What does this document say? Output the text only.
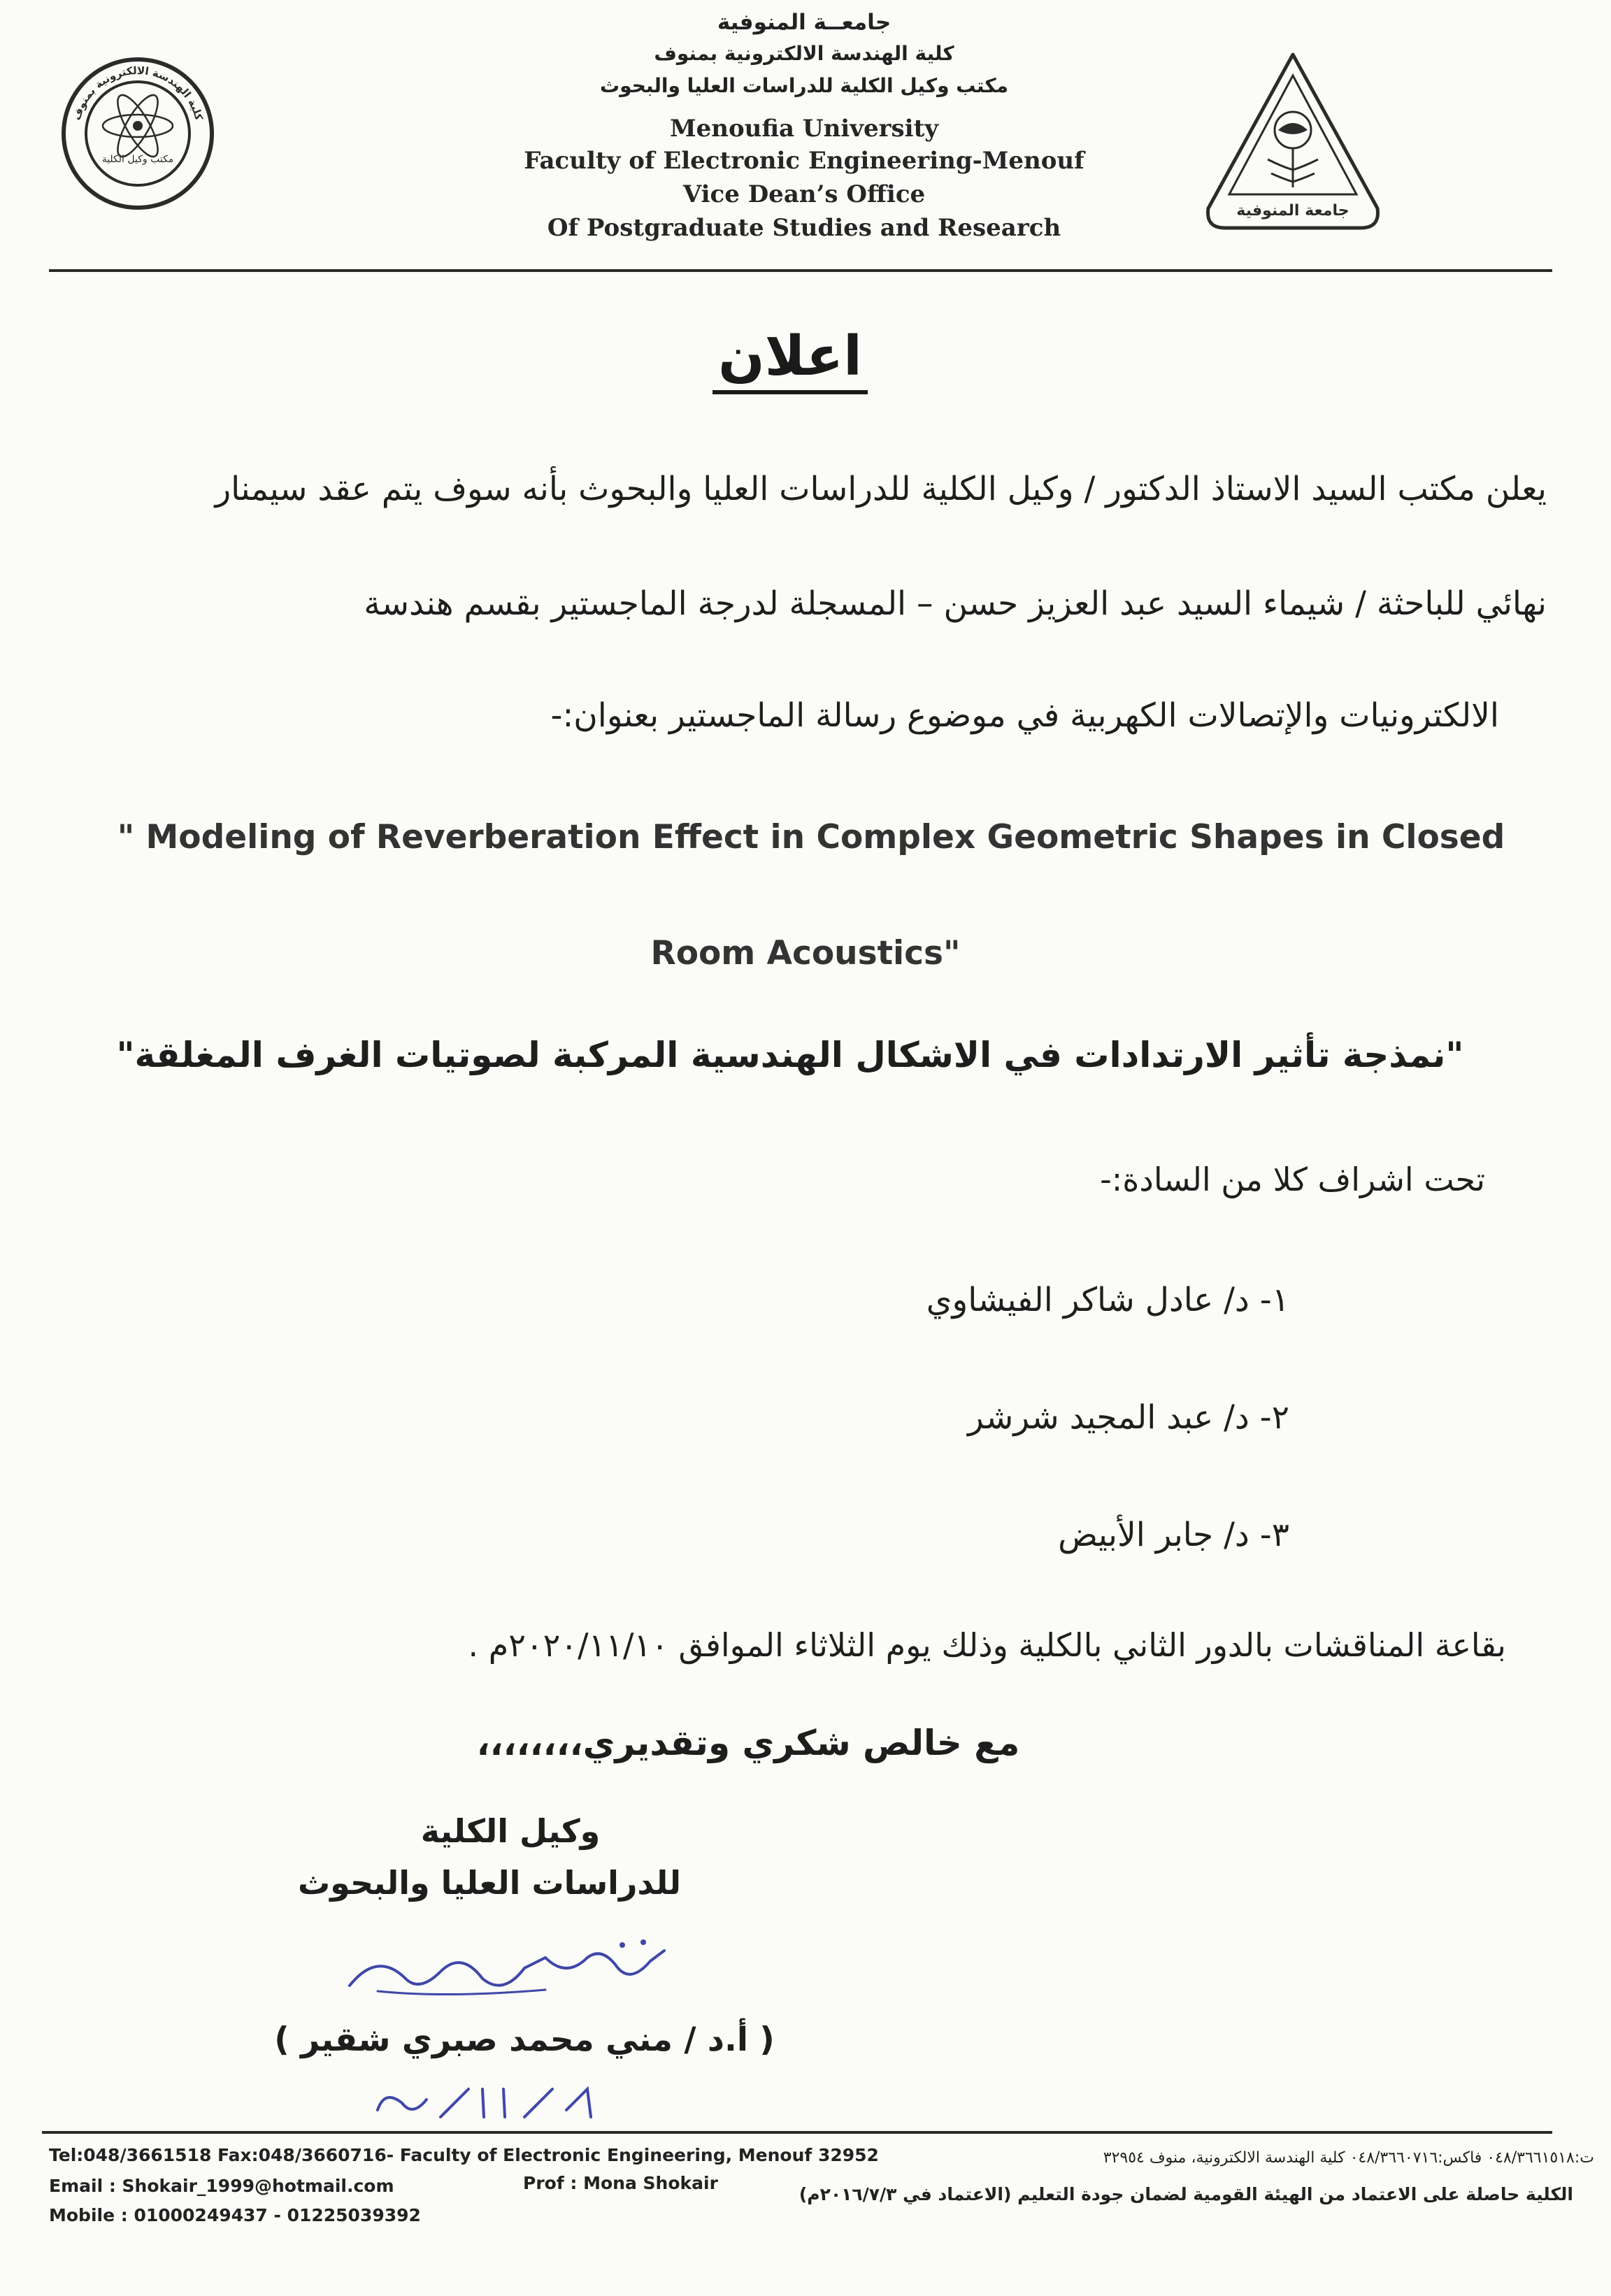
كلية الهندسة الالكترونية بمنوف
مكتب وكيل الكلية
جامعــة المنوفية
كلية الهندسة الالكترونية بمنوف
مكتب وكيل الكلية للدراسات العليا والبحوث
Menoufia University
Faculty of Electronic Engineering-Menouf
Vice Dean’s Office
Of Postgraduate Studies and Research
جامعة المنوفية
اعلان
يعلن مكتب السيد الاستاذ الدكتور / وكيل الكلية للدراسات العليا والبحوث بأنه سوف يتم عقد سيمنار
نهائي للباحثة / شيماء السيد عبد العزيز حسن – المسجلة لدرجة الماجستير بقسم هندسة
الالكترونيات والإتصالات الكهربية في موضوع رسالة الماجستير بعنوان:-
" Modeling of Reverberation Effect in Complex Geometric Shapes in Closed
Room Acoustics"
"نمذجة تأثير الارتدادات في الاشكال الهندسية المركبة لصوتيات الغرف المغلقة"
تحت اشراف كلا من السادة:-
١- د/ عادل شاكر الفيشاوي
٢- د/ عبد المجيد شرشر
٣- د/ جابر الأبيض
بقاعة المناقشات بالدور الثاني بالكلية وذلك يوم الثلاثاء الموافق ٢٠٢٠/١١/١٠م .
مع خالص شكري وتقديري،،،،،،،،
وكيل الكلية
للدراسات العليا والبحوث
( أ.د / مني محمد صبري شقير )
Tel:048/3661518 Fax:048/3660716- Faculty of Electronic Engineering, Menouf 32952
Email : Shokair_1999@hotmail.com	Prof : Mona Shokair
Mobile : 01000249437 - 01225039392
ت:٠٤٨/٣٦٦١٥١٨ فاكس:٠٤٨/٣٦٦٠٧١٦ كلية الهندسة الالكترونية، منوف ٣٢٩٥٤
الكلية حاصلة على الاعتماد من الهيئة القومية لضمان جودة التعليم (الاعتماد في ٢٠١٦/٧/٣م)
